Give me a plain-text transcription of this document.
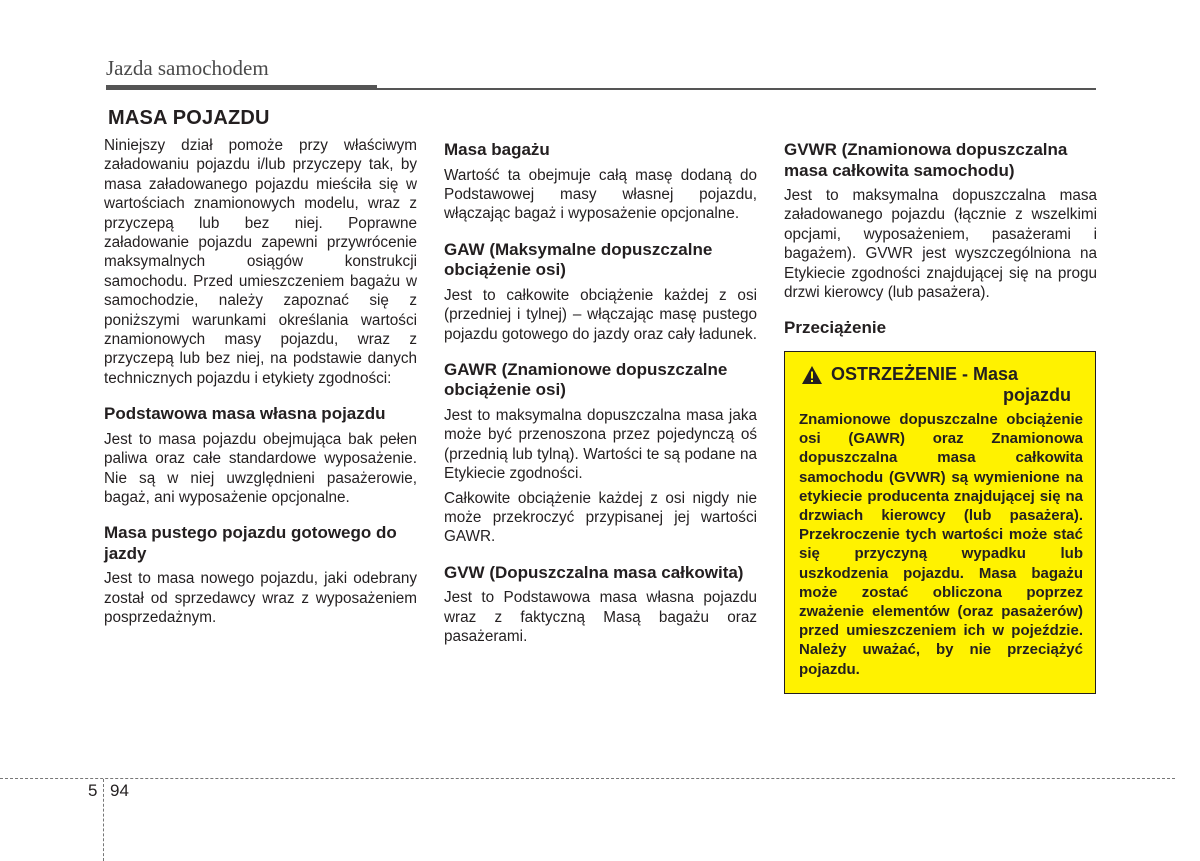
Jazda samochodem
MASA POJAZDU

Niniejszy dział pomoże przy właściwym załadowaniu pojazdu i/lub przyczepy tak, by masa załadowanego pojazdu mieściła się w wartościach znamionowych modelu, wraz z przyczepą lub bez niej. Poprawne załadowanie pojazdu zapewni przywrócenie maksymalnych osiągów konstrukcji samochodu. Przed umieszczeniem bagażu w samochodzie, należy zapoznać się z poniższymi warunkami określania wartości znamionowych masy pojazdu, wraz z przyczepą lub bez niej, na podstawie danych technicznych pojazdu i etykiety zgodności:

Podstawowa masa własna pojazdu

Jest to masa pojazdu obejmująca bak pełen paliwa oraz całe standardowe wyposażenie. Nie są w niej uwzględnieni pasażerowie, bagaż, ani wyposażenie opcjonalne.

Masa pustego pojazdu gotowego do jazdy

Jest to masa nowego pojazdu, jaki odebrany został od sprzedawcy wraz z wyposażeniem posprzedażnym.

Masa bagażu

Wartość ta obejmuje całą masę dodaną do Podstawowej masy własnej pojazdu, włączając bagaż i wyposażenie opcjonalne.

GAW (Maksymalne dopuszczalne obciążenie osi)

Jest to całkowite obciążenie każdej z osi (przedniej i tylnej) – włączając masę pustego pojazdu gotowego do jazdy oraz cały ładunek.

GAWR (Znamionowe dopuszczalne obciążenie osi)

Jest to maksymalna dopuszczalna masa jaka może być przenoszona przez pojedynczą oś (przednią lub tylną). Wartości te są podane na Etykiecie zgodności.

Całkowite obciążenie każdej z osi nigdy nie może przekroczyć przypisanej jej wartości GAWR.

GVW (Dopuszczalna masa całkowita)

Jest to Podstawowa masa własna pojazdu wraz z faktyczną Masą bagażu oraz pasażerami.

GVWR (Znamionowa dopuszczalna masa całkowita samochodu)

Jest to maksymalna dopuszczalna masa załadowanego pojazdu (łącznie z wszelkimi opcjami, wyposażeniem, pasażerami i bagażem). GVWR jest wyszczególniona na Etykiecie zgodności znajdującej się na progu drzwi kierowcy (lub pasażera).

Przeciążenie
OSTRZEŻENIE - Masa
pojazdu
Znamionowe dopuszczalne obciążenie osi (GAWR) oraz Znamionowa dopuszczalna masa całkowita samochodu (GVWR) są wymienione na etykiecie producenta znajdującej się na drzwiach kierowcy (lub pasażera). Przekroczenie tych wartości może stać się przyczyną wypadku lub uszkodzenia pojazdu. Masa bagażu może zostać obliczona poprzez zważenie elementów (oraz pasażerów) przed umieszczeniem ich w pojeździe. Należy uważać, by nie przeciążyć pojazdu.
5 94
